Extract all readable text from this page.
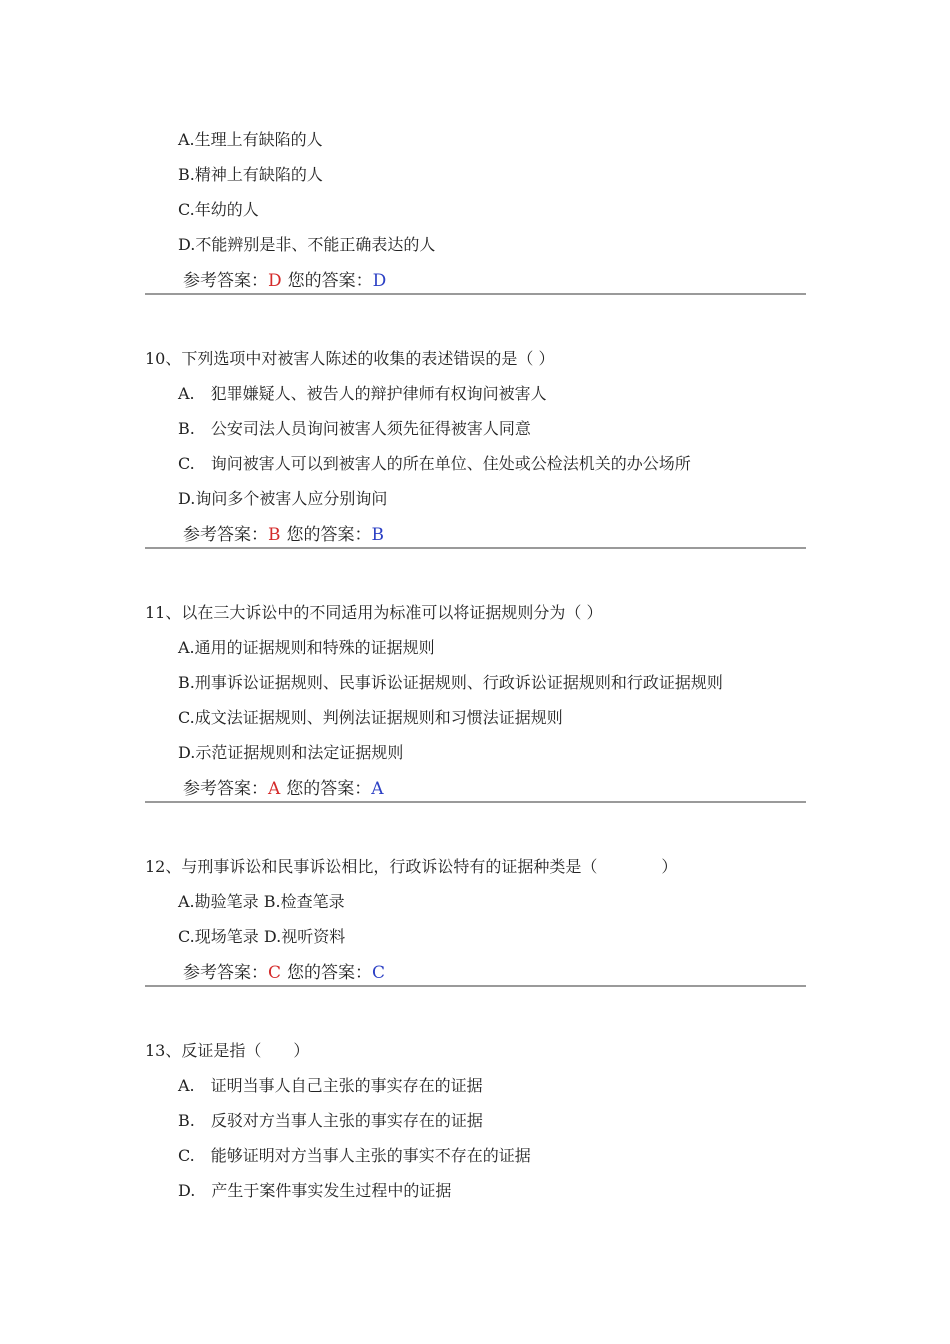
A.生理上有缺陷的人
B.精神上有缺陷的人
C.年幼的人
D.不能辨别是非、不能正确表达的人
参考答案：D 您的答案：D
10、下列选项中对被害人陈述的收集的表述错误的是（ ）
A.　犯罪嫌疑人、被告人的辩护律师有权询问被害人
B.　公安司法人员询问被害人须先征得被害人同意
C.　询问被害人可以到被害人的所在单位、住处或公检法机关的办公场所
D.询问多个被害人应分别询问
参考答案：B 您的答案：B
11、以在三大诉讼中的不同适用为标准可以将证据规则分为（ ）
A.通用的证据规则和特殊的证据规则
B.刑事诉讼证据规则、民事诉讼证据规则、行政诉讼证据规则和行政证据规则
C.成文法证据规则、判例法证据规则和习惯法证据规则
D.示范证据规则和法定证据规则
参考答案：A 您的答案：A
12、与刑事诉讼和民事诉讼相比，行政诉讼特有的证据种类是（　　　　）
A.勘验笔录 B.检查笔录
C.现场笔录 D.视听资料
参考答案：C 您的答案：C
13、反证是指（　　）
A.　证明当事人自己主张的事实存在的证据
B.　反驳对方当事人主张的事实存在的证据
C.　能够证明对方当事人主张的事实不存在的证据
D.　产生于案件事实发生过程中的证据
